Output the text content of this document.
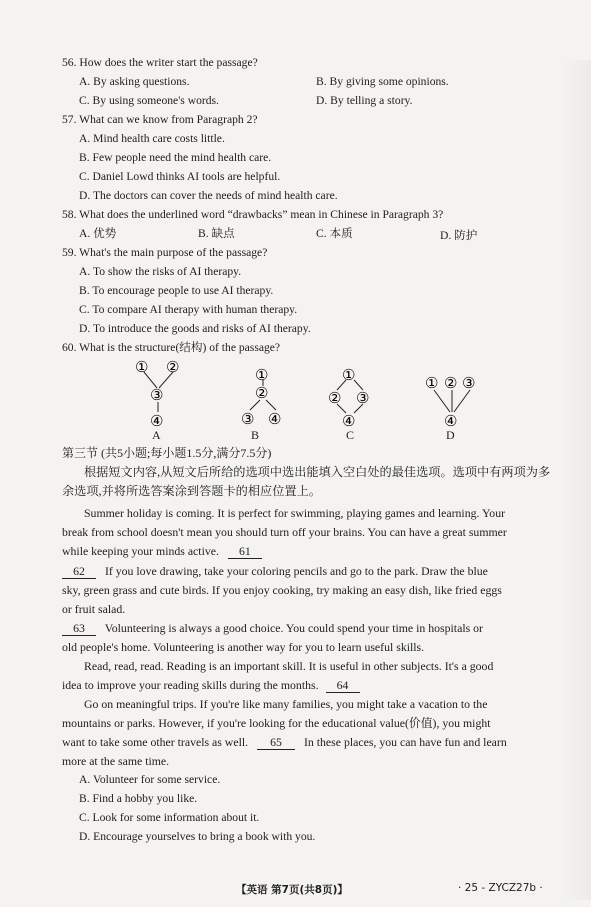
56. How does the writer start the passage?
A. By asking questions.	B. By giving some opinions.
C. By using someone's words.	D. By telling a story.
57. What can we know from Paragraph 2?
A. Mind health care costs little.
B. Few people need the mind health care.
C. Daniel Lowd thinks AI tools are helpful.
D. The doctors can cover the needs of mind health care.
58. What does the underlined word “drawbacks” mean in Chinese in Paragraph 3?
A. 优势	B. 缺点	C. 本质	D. 防护
59. What's the main purpose of the passage?
A. To show the risks of AI therapy.
B. To encourage people to use AI therapy.
C. To compare AI therapy with human therapy.
D. To introduce the goods and risks of AI therapy.
60. What is the structure(结构) of the passage?
① ②
③
④
A
①
②
③ ④
B
①
② ③
④
C
① ② ③
④
D
第三节 (共5小题;每小题1.5分,满分7.5分)
根据短文内容,从短文后所给的选项中选出能填入空白处的最佳选项。选项中有两项为多
余选项,并将所选答案涂到答题卡的相应位置上。
Summer holiday is coming. It is perfect for swimming, playing games and learning. Your
break from school doesn't mean you should turn off your brains. You can have a great summer
while keeping your minds active. 61
62 If you love drawing, take your coloring pencils and go to the park. Draw the blue
sky, green grass and cute birds. If you enjoy cooking, try making an easy dish, like fried eggs
or fruit salad.
63 Volunteering is always a good choice. You could spend your time in hospitals or
old people's home. Volunteering is another way for you to learn useful skills.
Read, read, read. Reading is an important skill. It is useful in other subjects. It's a good
idea to improve your reading skills during the months. 64
Go on meaningful trips. If you're like many families, you might take a vacation to the
mountains or parks. However, if you're looking for the educational value(价值), you might
want to take some other travels as well. 65 In these places, you can have fun and learn
more at the same time.
A. Volunteer for some service.
B. Find a hobby you like.
C. Look for some information about it.
D. Encourage yourselves to bring a book with you.
【英语 第7页(共8页)】	· 25 - ZYCZ27b ·
